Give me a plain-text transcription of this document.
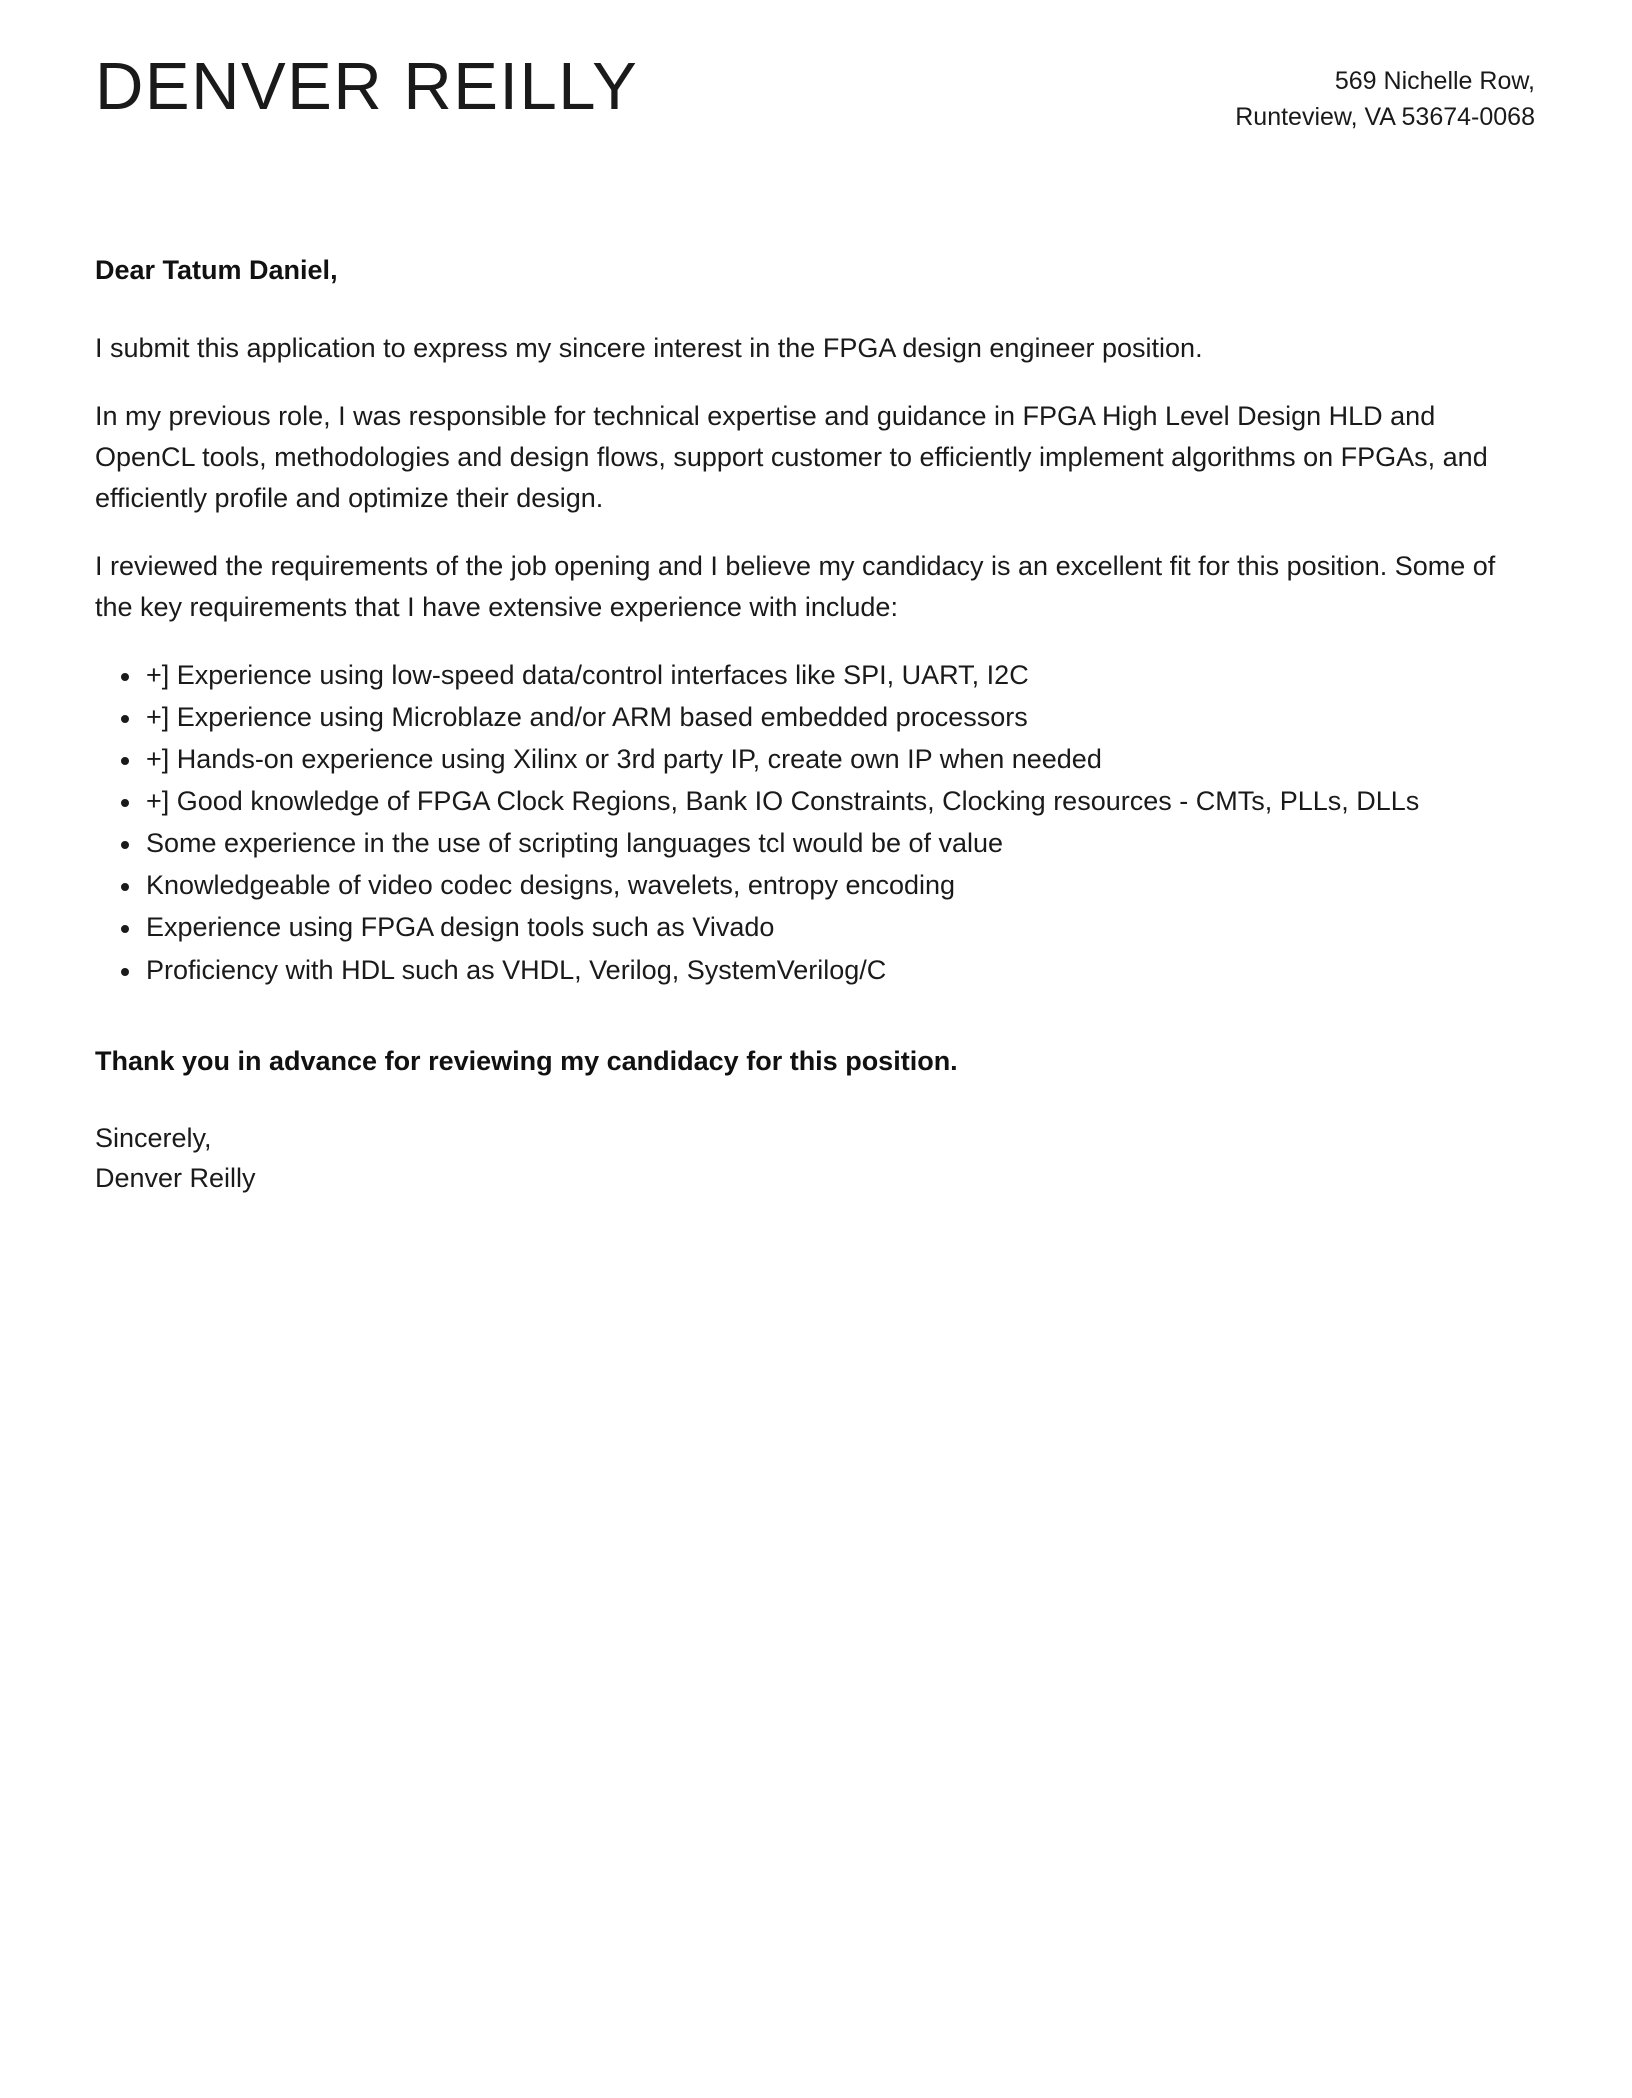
DENVER REILLY	569 Nichelle Row,
Runteview, VA 53674-0068
Dear Tatum Daniel,

I submit this application to express my sincere interest in the FPGA design engineer position.

In my previous role, I was responsible for technical expertise and guidance in FPGA High Level Design HLD and OpenCL tools, methodologies and design flows, support customer to efficiently implement algorithms on FPGAs, and efficiently profile and optimize their design.

I reviewed the requirements of the job opening and I believe my candidacy is an excellent fit for this position. Some of the key requirements that I have extensive experience with include:

+] Experience using low-speed data/control interfaces like SPI, UART, I2C
+] Experience using Microblaze and/or ARM based embedded processors
+] Hands-on experience using Xilinx or 3rd party IP, create own IP when needed
+] Good knowledge of FPGA Clock Regions, Bank IO Constraints, Clocking resources - CMTs, PLLs, DLLs
Some experience in the use of scripting languages tcl would be of value
Knowledgeable of video codec designs, wavelets, entropy encoding
Experience using FPGA design tools such as Vivado
Proficiency with HDL such as VHDL, Verilog, SystemVerilog/C
Thank you in advance for reviewing my candidacy for this position.
Sincerely,
Denver Reilly
